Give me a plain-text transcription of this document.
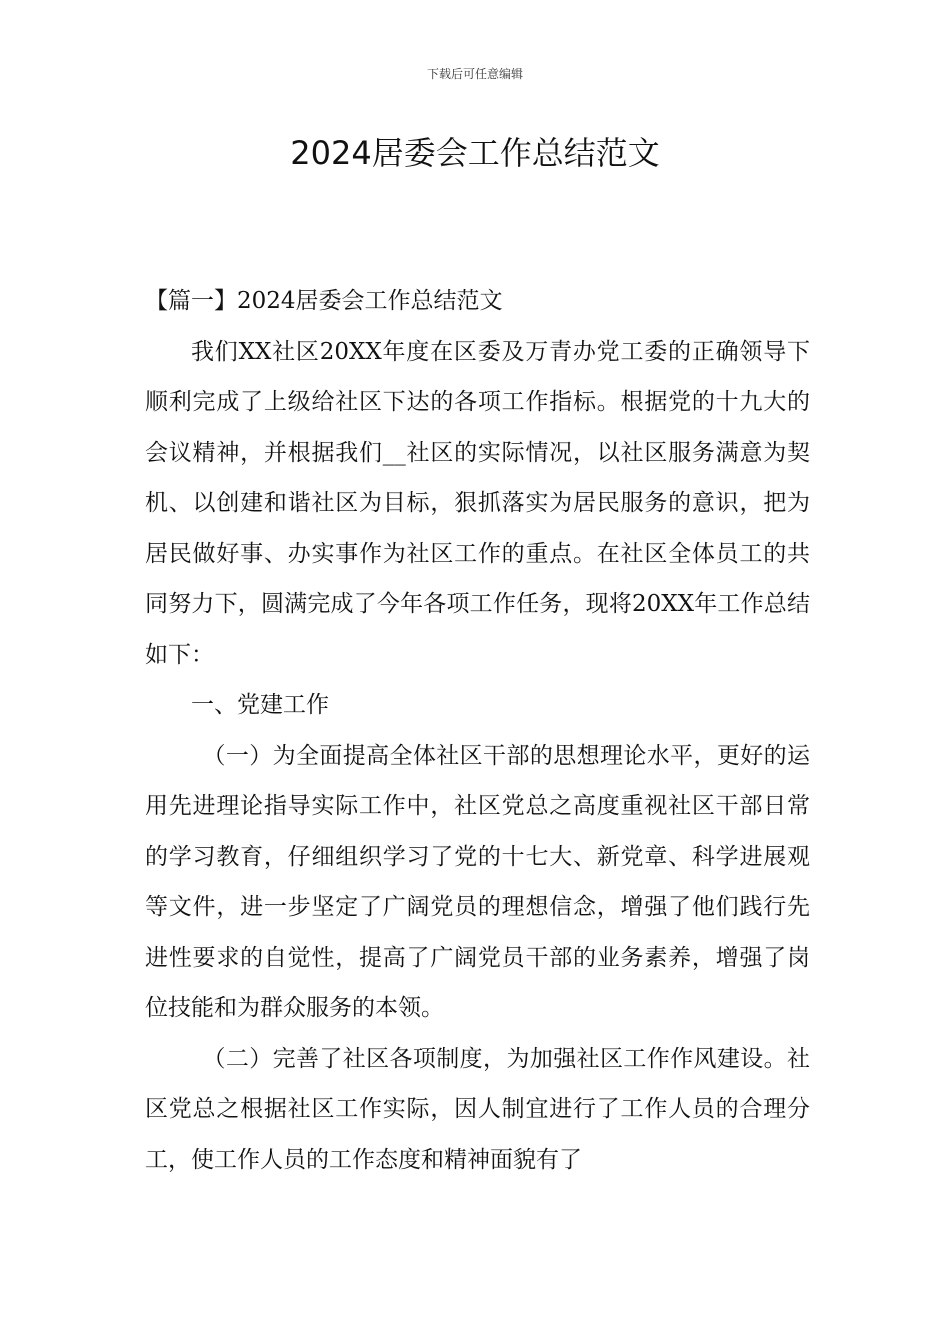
下载后可任意编辑
2024居委会工作总结范文

【篇一】2024居委会工作总结范文

我们XX社区20XX年度在区委及万青办党工委的正确领导下顺利完成了上级给社区下达的各项工作指标。根据党的十九大的会议精神，并根据我们__社区的实际情况，以社区服务满意为契机、以创建和谐社区为目标，狠抓落实为居民服务的意识，把为居民做好事、办实事作为社区工作的重点。在社区全体员工的共同努力下，圆满完成了今年各项工作任务，现将20XX年工作总结如下：

一、党建工作

（一）为全面提高全体社区干部的思想理论水平，更好的运用先进理论指导实际工作中，社区党总之高度重视社区干部日常的学习教育，仔细组织学习了党的十七大、新党章、科学进展观等文件，进一步坚定了广阔党员的理想信念，增强了他们践行先进性要求的自觉性，提高了广阔党员干部的业务素养，增强了岗位技能和为群众服务的本领。

（二）完善了社区各项制度，为加强社区工作作风建设。社区党总之根据社区工作实际，因人制宜进行了工作人员的合理分工，使工作人员的工作态度和精神面貌有了
